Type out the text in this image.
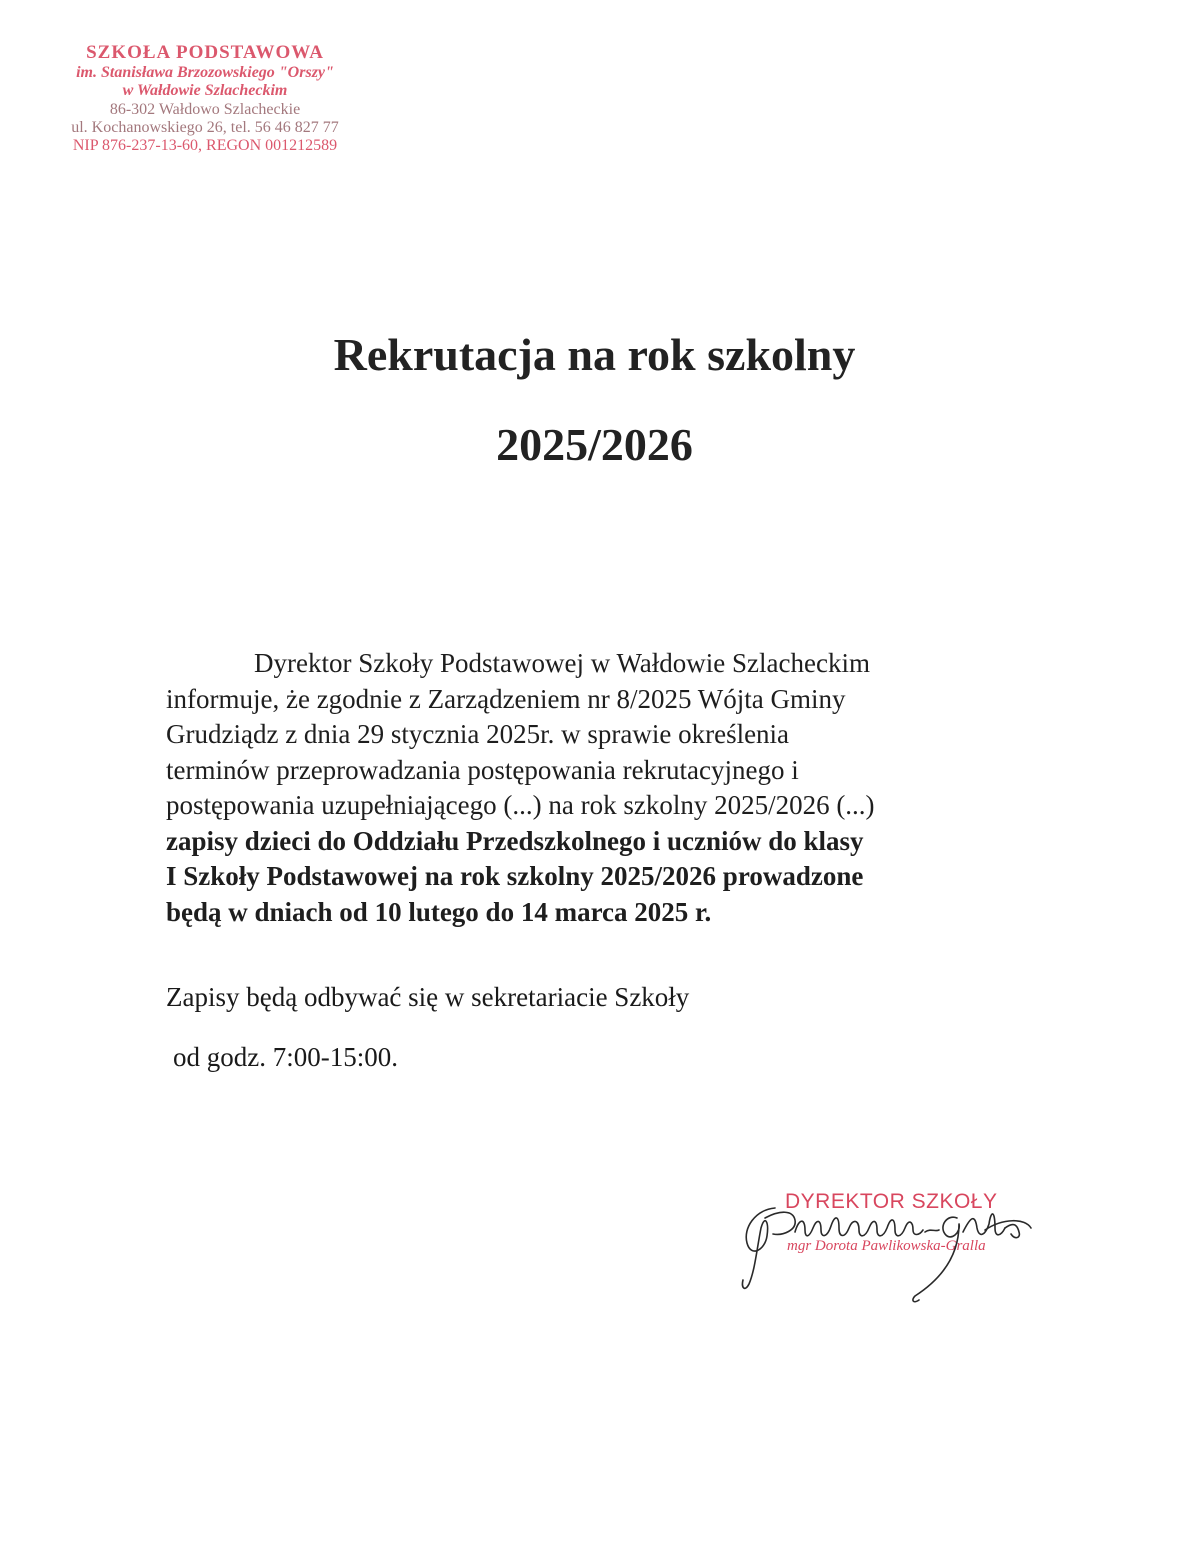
SZKOŁA PODSTAWOWA
im. Stanisława Brzozowskiego "Orszy"
w Wałdowie Szlacheckim
86-302 Wałdowo Szlacheckie
ul. Kochanowskiego 26, tel. 56 46 827 77
NIP 876-237-13-60, REGON 001212589
Rekrutacja na rok szkolny
2025/2026
Dyrektor Szkoły Podstawowej w Wałdowie Szlacheckim
informuje, że zgodnie z Zarządzeniem nr 8/2025 Wójta Gminy
Grudziądz z dnia 29 stycznia 2025r. w sprawie określenia
terminów przeprowadzania postępowania rekrutacyjnego i
postępowania uzupełniającego (...) na rok szkolny 2025/2026 (...)
zapisy dzieci do Oddziału Przedszkolnego i uczniów do klasy
I Szkoły Podstawowej na rok szkolny 2025/2026 prowadzone
będą w dniach od 10 lutego do 14 marca 2025 r.
Zapisy będą odbywać się w sekretariacie Szkoły
od godz. 7:00-15:00.
DYREKTOR SZKOŁY
mgr Dorota Pawlikowska-Gralla
